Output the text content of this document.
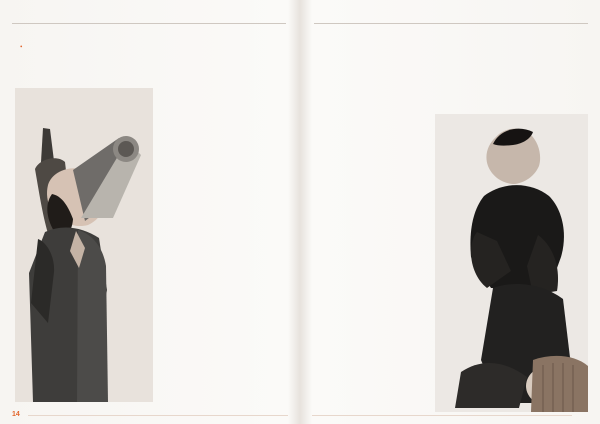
•
14
